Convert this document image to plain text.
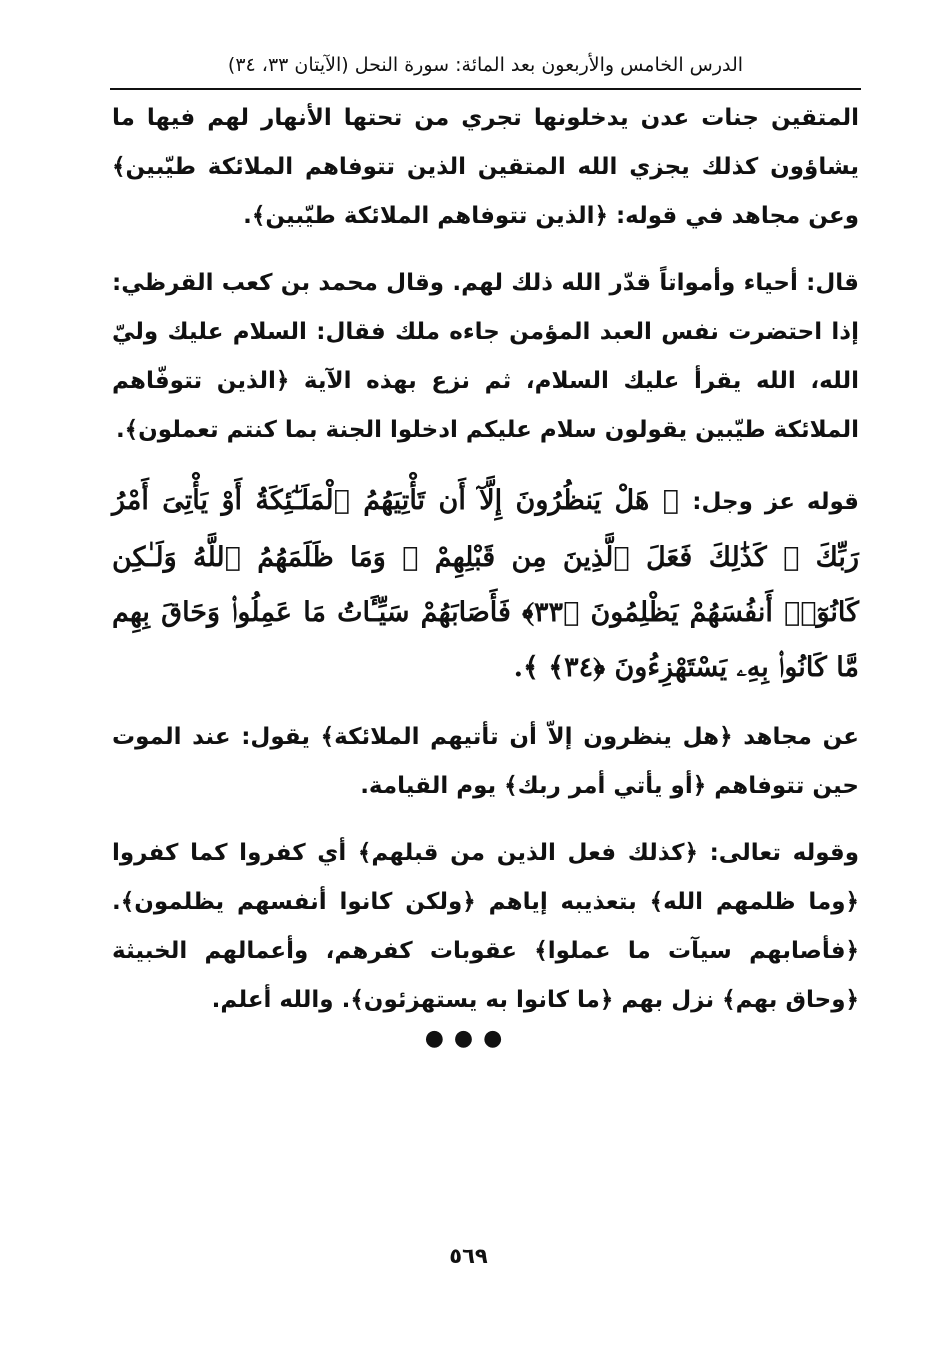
الدرس الخامس والأربعون بعد المائة: سورة النحل (الآيتان ٣٣، ٣٤)

المتقين جنات عدن يدخلونها تجري من تحتها الأنهار لهم فيها ما يشاؤون كذلك يجزي الله المتقين الذين تتوفاهم الملائكة طيّبين﴾ وعن مجاهد في قوله: ﴿الذين تتوفاهم الملائكة طيّبين﴾.

قال: أحياء وأمواتاً قدّر الله ذلك لهم. وقال محمد بن كعب القرظي: إذا احتضرت نفس العبد المؤمن جاءه ملك فقال: السلام عليك وليّ الله، الله يقرأ عليك السلام، ثم نزع بهذه الآية ﴿الذين تتوفّاهم الملائكة طيّبين يقولون سلام عليكم ادخلوا الجنة بما كنتم تعملون﴾.

قوله عز وجل: ﴿ هَلْ يَنظُرُونَ إِلَّآ أَن تَأْتِيَهُمُ ٱلْمَلَـٰٓئِكَةُ أَوْ يَأْتِىَ أَمْرُ رَبِّكَ ۚ كَذَٰلِكَ فَعَلَ ٱلَّذِينَ مِن قَبْلِهِمْ ۚ وَمَا ظَلَمَهُمُ ٱللَّهُ وَلَـٰكِن كَانُوٓا۟ أَنفُسَهُمْ يَظْلِمُونَ ﴿٣٣﴾ فَأَصَابَهُمْ سَيِّـَٔاتُ مَا عَمِلُوا۟ وَحَاقَ بِهِم مَّا كَانُوا۟ بِهِۦ يَسْتَهْزِءُونَ ﴿٣٤﴾ ﴾.

عن مجاهد ﴿هل ينظرون إلاّ أن تأتيهم الملائكة﴾ يقول: عند الموت حين تتوفاهم ﴿أو يأتي أمر ربك﴾ يوم القيامة.

وقوله تعالى: ﴿كذلك فعل الذين من قبلهم﴾ أي كفروا كما كفروا ﴿وما ظلمهم الله﴾ بتعذيبه إياهم ﴿ولكن كانوا أنفسهم يظلمون﴾. ﴿فأصابهم سيآت ما عملوا﴾ عقوبات كفرهم، وأعمالهم الخبيثة ﴿وحاق بهم﴾ نزل بهم ﴿ما كانوا به يستهزئون﴾. والله أعلم.

●●●
٥٦٩
